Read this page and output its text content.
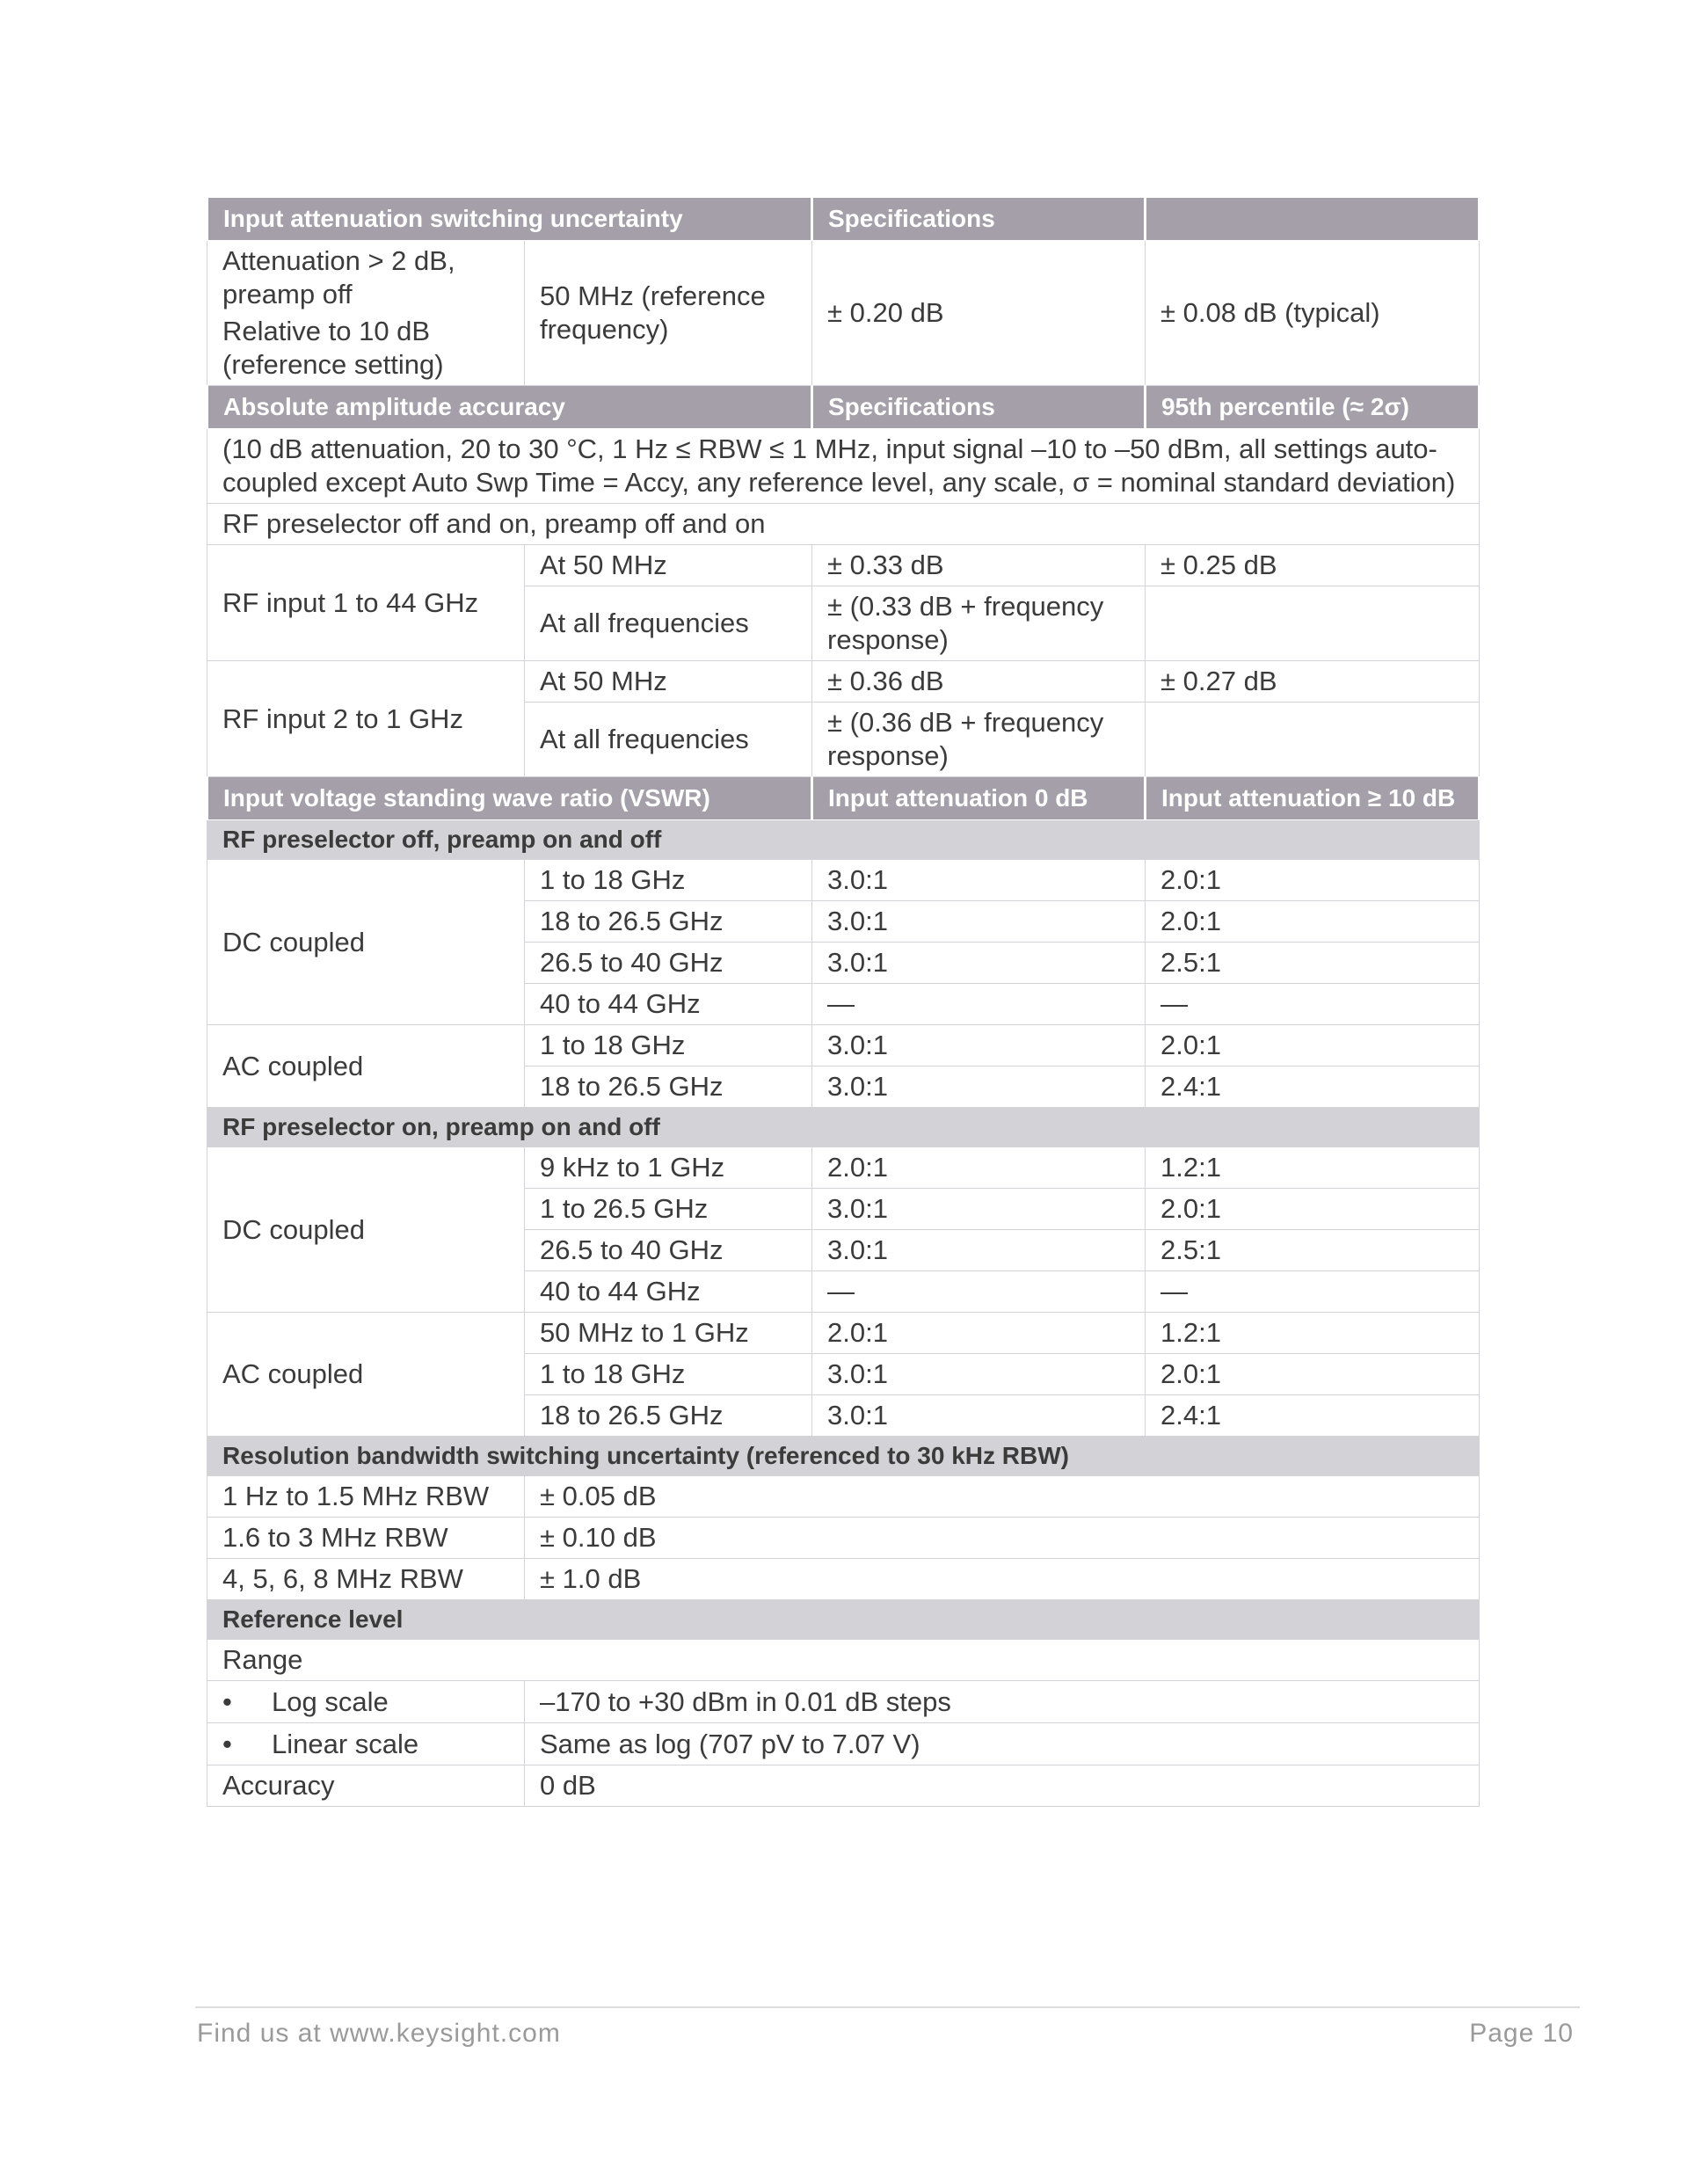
Input attenuation switching uncertainty		Specifications	

Attenuation > 2 dB, preamp off
Relative to 10 dB (reference setting)	50 MHz (reference frequency)	± 0.20 dB	± 0.08 dB (typical)
Absolute amplitude accuracy		Specifications	95th percentile (≈ 2σ)
(10 dB attenuation, 20 to 30 °C, 1 Hz ≤ RBW ≤ 1 MHz, input signal –10 to –50 dBm, all settings auto-coupled except Auto Swp Time = Accy, any reference level, any scale, σ = nominal standard deviation)			
RF preselector off and on, preamp off and on			
RF input 1 to 44 GHz	At 50 MHz	± 0.33 dB	± 0.25 dB
	At all frequencies	± (0.33 dB + frequency response)	
RF input 2 to 1 GHz	At 50 MHz	± 0.36 dB	± 0.27 dB
	At all frequencies	± (0.36 dB + frequency response)	
Input voltage standing wave ratio (VSWR)		Input attenuation 0 dB	Input attenuation ≥ 10 dB
RF preselector off, preamp on and off			
DC coupled	1 to 18 GHz	3.0:1	2.0:1
	18 to 26.5 GHz	3.0:1	2.0:1
	26.5 to 40 GHz	3.0:1	2.5:1
	40 to 44 GHz	—	—
AC coupled	1 to 18 GHz	3.0:1	2.0:1
	18 to 26.5 GHz	3.0:1	2.4:1
RF preselector on, preamp on and off			
DC coupled	9 kHz to 1 GHz	2.0:1	1.2:1
	1 to 26.5 GHz	3.0:1	2.0:1
	26.5 to 40 GHz	3.0:1	2.5:1
	40 to 44 GHz	—	—
AC coupled	50 MHz to 1 GHz	2.0:1	1.2:1
	1 to 18 GHz	3.0:1	2.0:1
	18 to 26.5 GHz	3.0:1	2.4:1
Resolution bandwidth switching uncertainty (referenced to 30 kHz RBW)			
1 Hz to 1.5 MHz RBW	± 0.05 dB		
1.6 to 3 MHz RBW	± 0.10 dB		
4, 5, 6, 8 MHz RBW	± 1.0 dB		
Reference level			
Range			
• Log scale	–170 to +30 dBm in 0.01 dB steps		
• Linear scale	Same as log (707 pV to 7.07 V)		
Accuracy	0 dB		
Find us at www.keysight.com	Page 10
